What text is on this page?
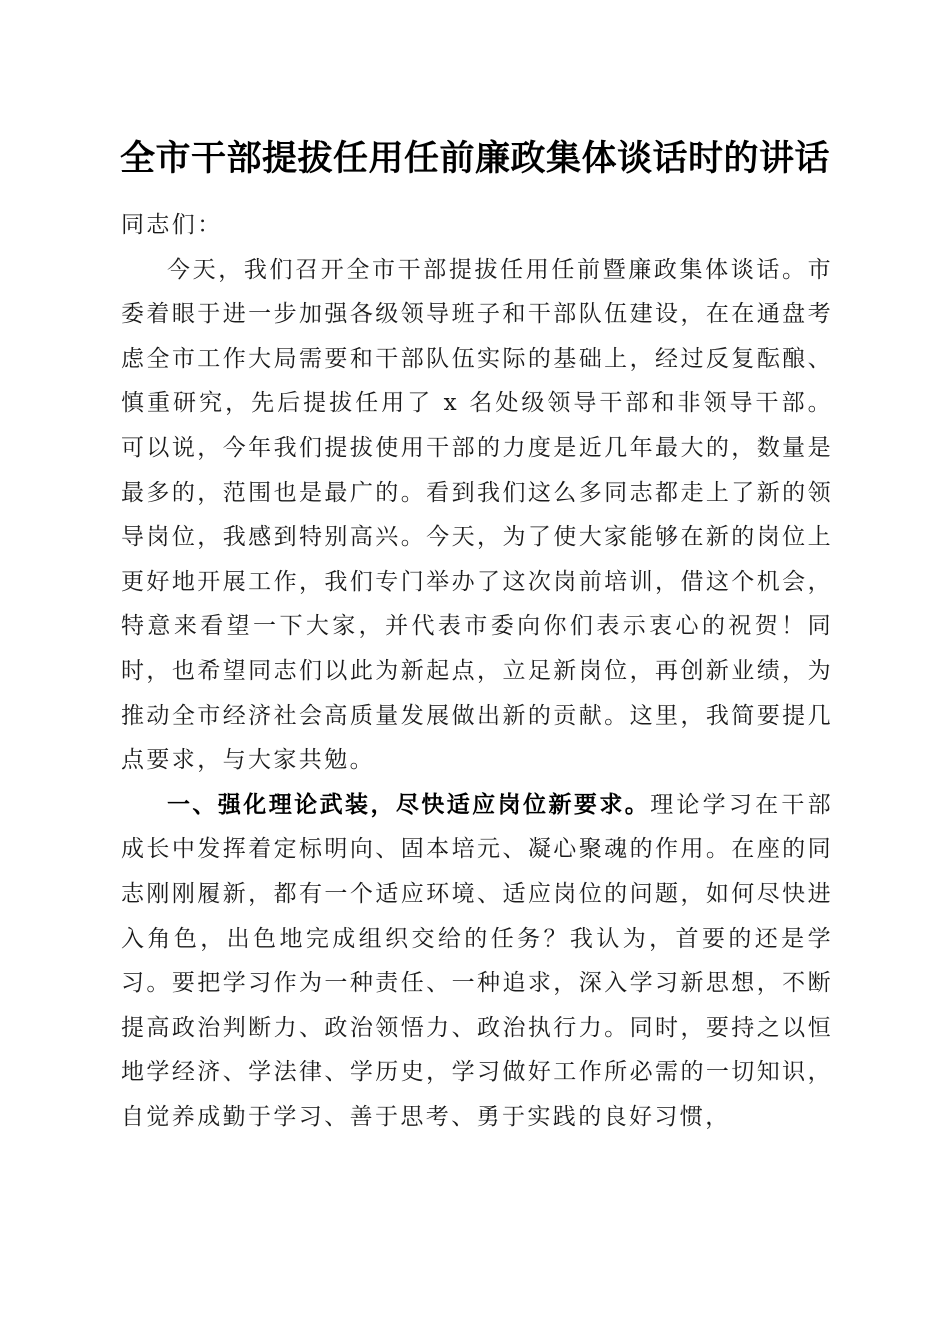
全市干部提拔任用任前廉政集体谈话时的讲话

同志们：

今天，我们召开全市干部提拔任用任前暨廉政集体谈话。市委着眼于进一步加强各级领导班子和干部队伍建设，在在通盘考虑全市工作大局需要和干部队伍实际的基础上，经过反复酝酿、慎重研究，先后提拔任用了 x 名处级领导干部和非领导干部。可以说，今年我们提拔使用干部的力度是近几年最大的，数量是最多的，范围也是最广的。看到我们这么多同志都走上了新的领导岗位，我感到特别高兴。今天，为了使大家能够在新的岗位上更好地开展工作，我们专门举办了这次岗前培训，借这个机会，特意来看望一下大家，并代表市委向你们表示衷心的祝贺！同时，也希望同志们以此为新起点，立足新岗位，再创新业绩，为推动全市经济社会高质量发展做出新的贡献。这里，我简要提几点要求，与大家共勉。

一、强化理论武装，尽快适应岗位新要求。理论学习在干部成长中发挥着定标明向、固本培元、凝心聚魂的作用。在座的同志刚刚履新，都有一个适应环境、适应岗位的问题，如何尽快进入角色，出色地完成组织交给的任务？我认为，首要的还是学习。要把学习作为一种责任、一种追求，深入学习新思想，不断提高政治判断力、政治领悟力、政治执行力。同时，要持之以恒地学经济、学法律、学历史，学习做好工作所必需的一切知识，自觉养成勤于学习、善于思考、勇于实践的良好习惯，
